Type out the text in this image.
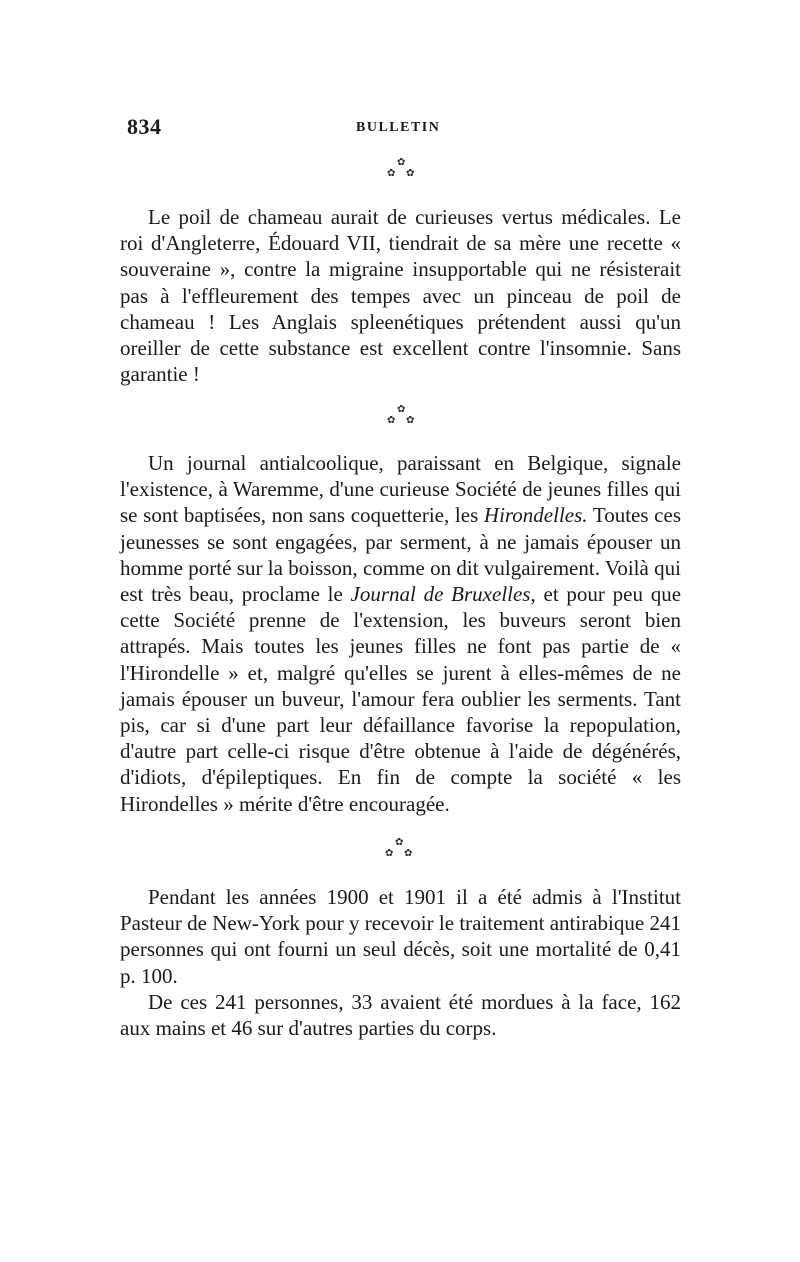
834	BULLETIN
✿
✿ ✿

Le poil de chameau aurait de curieuses vertus médicales. Le roi d'Angleterre, Édouard VII, tiendrait de sa mère une recette « souveraine », contre la migraine insupportable qui ne résisterait pas à l'effleurement des tempes avec un pinceau de poil de chameau ! Les Anglais spleenétiques prétendent aussi qu'un oreiller de cette substance est excellent contre l'insomnie. Sans garantie !

✿
✿ ✿

Un journal antialcoolique, paraissant en Belgique, signale l'existence, à Waremme, d'une curieuse Société de jeunes filles qui se sont baptisées, non sans coquetterie, les Hirondelles. Toutes ces jeunesses se sont engagées, par serment, à ne jamais épouser un homme porté sur la boisson, comme on dit vulgairement. Voilà qui est très beau, proclame le Journal de Bruxelles, et pour peu que cette Société prenne de l'extension, les buveurs seront bien attrapés. Mais toutes les jeunes filles ne font pas partie de « l'Hirondelle » et, malgré qu'elles se jurent à elles-mêmes de ne jamais épouser un buveur, l'amour fera oublier les serments. Tant pis, car si d'une part leur défaillance favorise la repopulation, d'autre part celle-ci risque d'être obtenue à l'aide de dégénérés, d'idiots, d'épileptiques. En fin de compte la société « les Hirondelles » mérite d'être encouragée.

✿
✿ ✿

Pendant les années 1900 et 1901 il a été admis à l'Institut Pasteur de New-York pour y recevoir le traitement antirabique 241 personnes qui ont fourni un seul décès, soit une mortalité de 0,41 p. 100.

De ces 241 personnes, 33 avaient été mordues à la face, 162 aux mains et 46 sur d'autres parties du corps.
